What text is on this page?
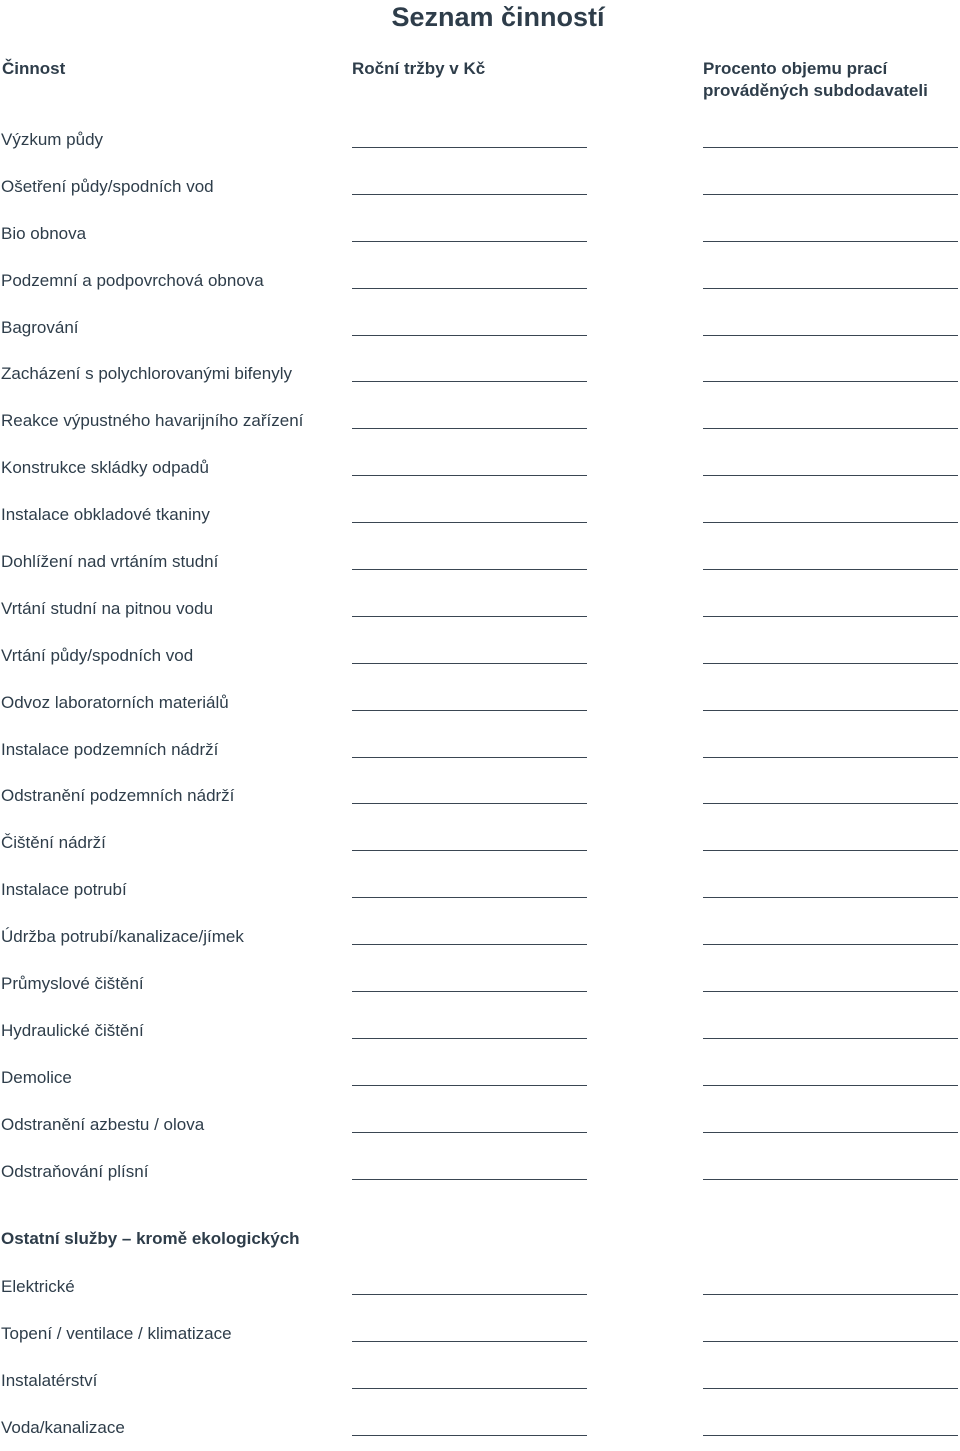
Seznam činností
Činnost	Roční tržby v Kč	Procento objemu prací prováděných subdodavateli
Výzkum půdy
Ošetření půdy/spodních vod
Bio obnova
Podzemní a podpovrchová obnova
Bagrování
Zacházení s polychlorovanými bifenyly
Reakce výpustného havarijního zařízení
Konstrukce skládky odpadů
Instalace obkladové tkaniny
Dohlížení nad vrtáním studní
Vrtání studní na pitnou vodu
Vrtání půdy/spodních vod
Odvoz laboratorních materiálů
Instalace podzemních nádrží
Odstranění podzemních nádrží
Čištění nádrží
Instalace potrubí
Údržba potrubí/kanalizace/jímek
Průmyslové čištění
Hydraulické čištění
Demolice
Odstranění azbestu / olova
Odstraňování plísní
Ostatní služby – kromě ekologických
Elektrické
Topení / ventilace / klimatizace
Instalatérství
Voda/kanalizace
